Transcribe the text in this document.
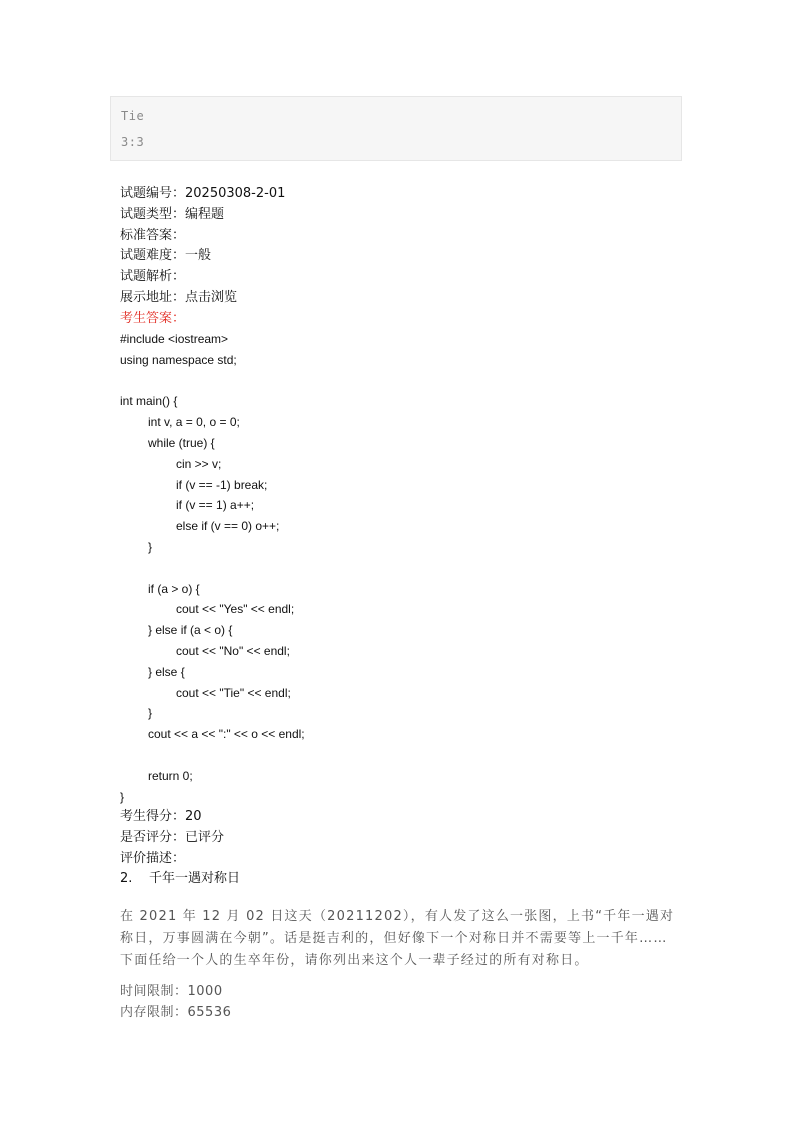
Tie
3:3
试题编号：20250308-2-01
试题类型：编程题
标准答案：
试题难度：一般
试题解析：
展示地址：点击浏览
考生答案：
#include <iostream>
using namespace std;
int main() {
int v, a = 0, o = 0;
while (true) {
cin >> v;
if (v == -1) break;
if (v == 1) a++;
else if (v == 0) o++;
}
if (a > o) {
cout << "Yes" << endl;
} else if (a < o) {
cout << "No" << endl;
} else {
cout << "Tie" << endl;
}
cout << a << ":" << o << endl;
return 0;
}
考生得分：20
是否评分：已评分
评价描述：
2. 千年一遇对称日
在 2021 年 12 月 02 日这天（20211202），有人发了这么一张图，上书“千年一遇对称日，万事圆满在今朝”。话是挺吉利的，但好像下一个对称日并不需要等上一千年…… 下面任给一个人的生卒年份，请你列出来这个人一辈子经过的所有对称日。
时间限制：1000
内存限制：65536
